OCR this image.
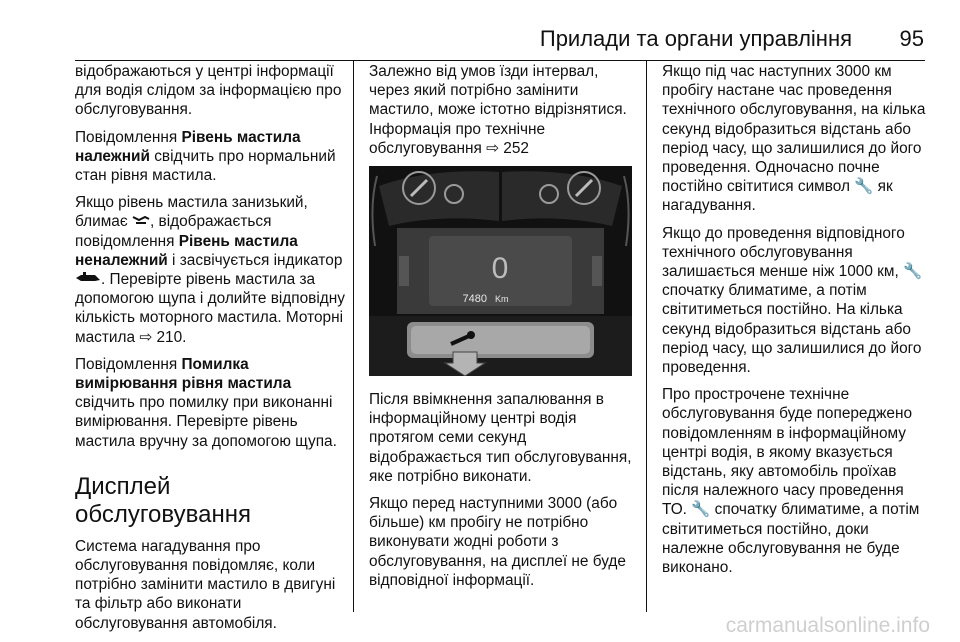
Прилади та органи управління 95

відображаються у центрі інформації для водія слідом за інформацією про обслуговування.

Повідомлення Рівень мастила належний свідчить про нормальний стан рівня мастила.

Якщо рівень мастила занизький, блимає , відображається повідомлення Рівень мастила неналежний і засвічується індикатор . Перевірте рівень мастила за допомогою щупа і долийте відповідну кількість моторного мастила. Моторні мастила ⇨ 210.

Повідомлення Помилка вимірювання рівня мастила свідчить про помилку при виконанні вимірювання. Перевірте рівень мастила вручну за допомогою щупа.

Дисплей обслуговування

Система нагадування про обслуговування повідомляє, коли потрібно замінити мастило в двигуні та фільтр або виконати обслуговування автомобіля.

Залежно від умов їзди інтервал, через який потрібно замінити мастило, може істотно відрізнятися. Інформація про технічне обслуговування ⇨ 252

0
7480 Km

Після ввімкнення запалювання в інформаційному центрі водія протягом семи секунд відображається тип обслуговування, яке потрібно виконати.

Якщо перед наступними 3000 (або більше) км пробігу не потрібно виконувати жодні роботи з обслуговування, на дисплеї не буде відповідної інформації.

Якщо під час наступних 3000 км пробігу настане час проведення технічного обслуговування, на кілька секунд відобразиться відстань або період часу, що залишилися до його проведення. Одночасно почне постійно світитися символ 🔧 як нагадування.

Якщо до проведення відповідного технічного обслуговування залишається менше ніж 1000 км, 🔧 спочатку блиматиме, а потім світитиметься постійно. На кілька секунд відобразиться відстань або період часу, що залишилися до його проведення.

Про прострочене технічне обслуговування буде попереджено повідомленням в інформаційному центрі водія, в якому вказується відстань, яку автомобіль проїхав після належного часу проведення ТО. 🔧 спочатку блиматиме, а потім світитиметься постійно, доки належне обслуговування не буде виконано.

carmanualsonline.info
